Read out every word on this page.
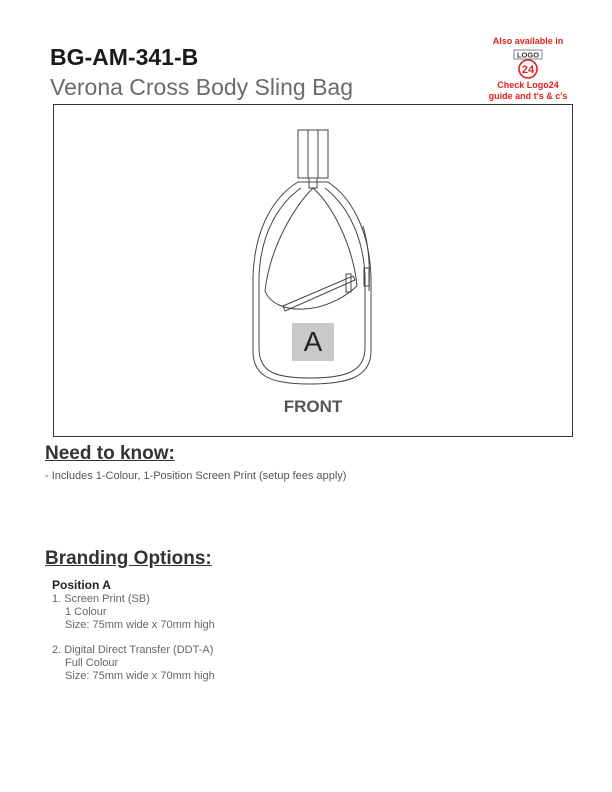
BG-AM-341-B
Verona Cross Body Sling Bag
Also available in
LOGO
24
Check Logo24
guide and t's & c's
A
FRONT
Need to know:
- Includes 1-Colour, 1-Position Screen Print (setup fees apply)
Branding Options:
Position A
1. Screen Print (SB)
1 Colour
Size: 75mm wide x 70mm high
2. Digital Direct Transfer (DDT-A)
Full Colour
Size: 75mm wide x 70mm high
